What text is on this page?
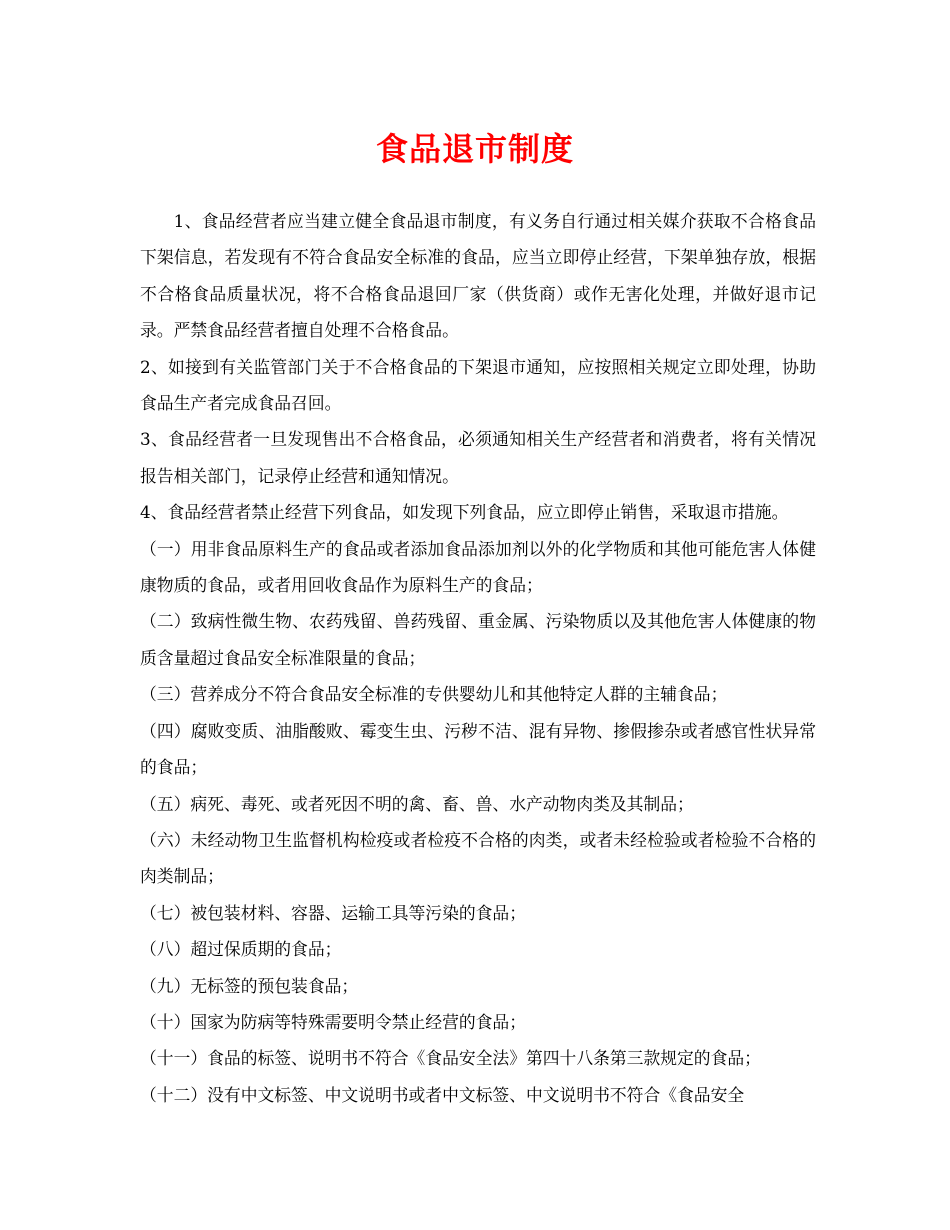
食品退市制度

1、食品经营者应当建立健全食品退市制度，有义务自行通过相关媒介获取不合格食品下架信息，若发现有不符合食品安全标准的食品，应当立即停止经营，下架单独存放，根据不合格食品质量状况，将不合格食品退回厂家（供货商）或作无害化处理，并做好退市记录。严禁食品经营者擅自处理不合格食品。

2、如接到有关监管部门关于不合格食品的下架退市通知，应按照相关规定立即处理，协助食品生产者完成食品召回。

3、食品经营者一旦发现售出不合格食品，必须通知相关生产经营者和消费者，将有关情况报告相关部门，记录停止经营和通知情况。

4、食品经营者禁止经营下列食品，如发现下列食品，应立即停止销售，采取退市措施。

（一）用非食品原料生产的食品或者添加食品添加剂以外的化学物质和其他可能危害人体健康物质的食品，或者用回收食品作为原料生产的食品；

（二）致病性微生物、农药残留、兽药残留、重金属、污染物质以及其他危害人体健康的物质含量超过食品安全标准限量的食品；

（三）营养成分不符合食品安全标准的专供婴幼儿和其他特定人群的主辅食品；

（四）腐败变质、油脂酸败、霉变生虫、污秽不洁、混有异物、掺假掺杂或者感官性状异常的食品；

（五）病死、毒死、或者死因不明的禽、畜、兽、水产动物肉类及其制品；

（六）未经动物卫生监督机构检疫或者检疫不合格的肉类，或者未经检验或者检验不合格的肉类制品；

（七）被包装材料、容器、运输工具等污染的食品；

（八）超过保质期的食品；

（九）无标签的预包装食品；

（十）国家为防病等特殊需要明令禁止经营的食品；

（十一）食品的标签、说明书不符合《食品安全法》第四十八条第三款规定的食品；

（十二）没有中文标签、中文说明书或者中文标签、中文说明书不符合《食品安全
